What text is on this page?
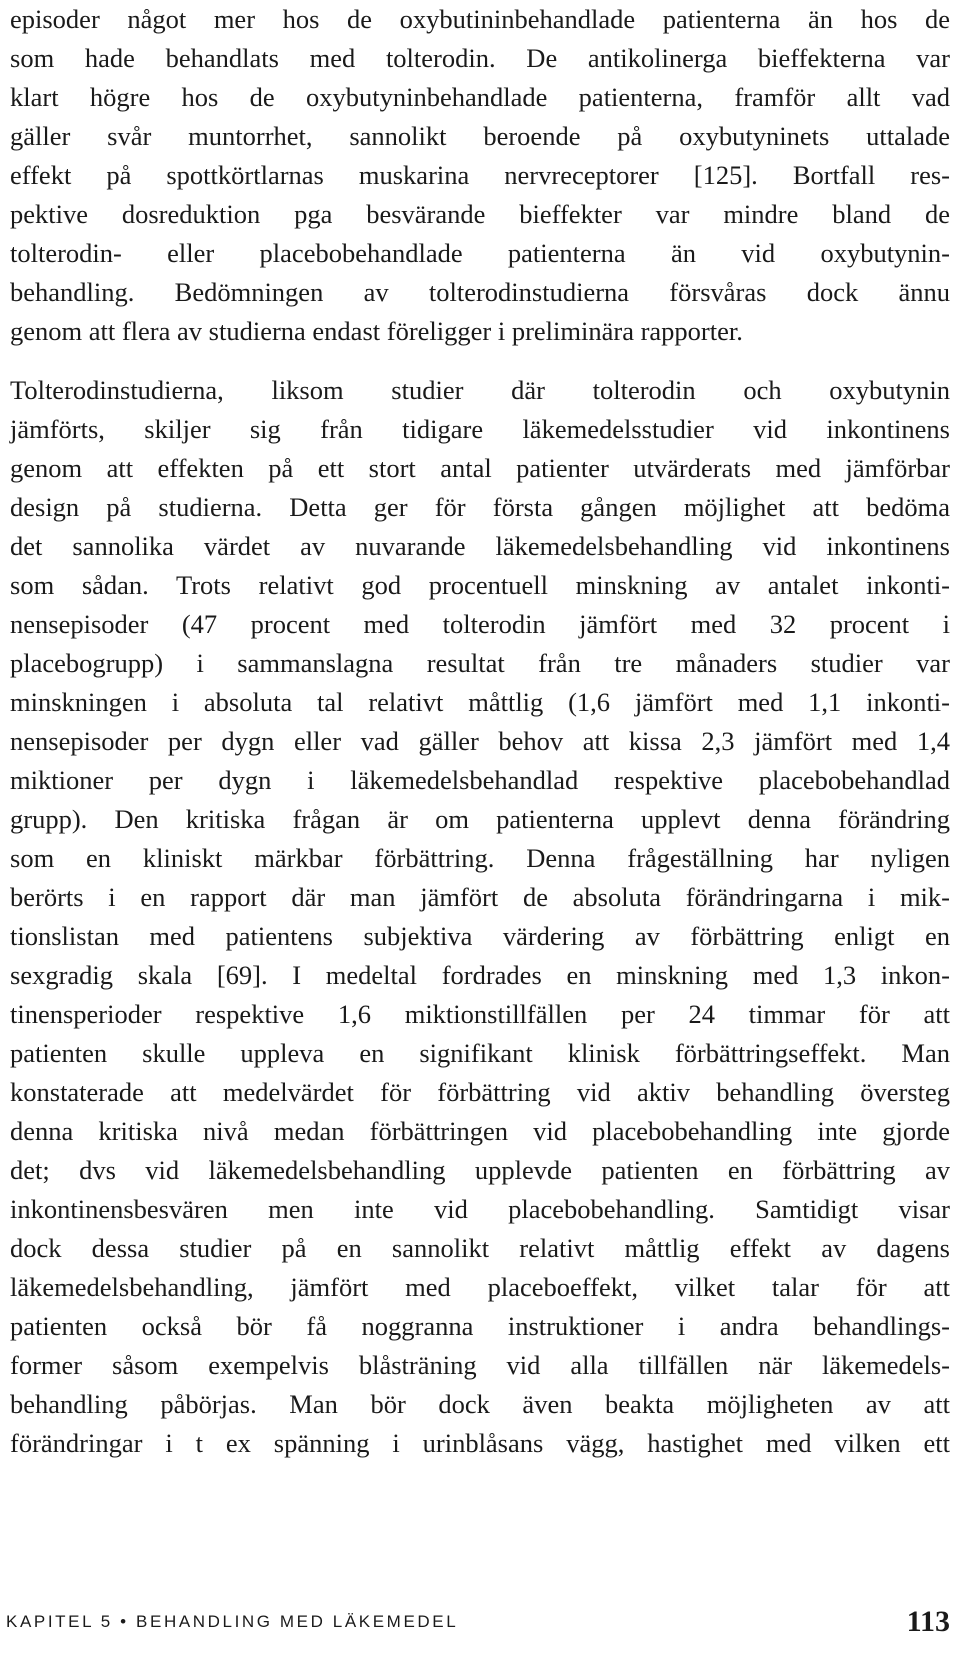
episoder något mer hos de oxybutininbehandlade patienterna än hos de
som hade behandlats med tolterodin. De antikolinerga bieffekterna var
klart högre hos de oxybutyninbehandlade patienterna, framför allt vad
gäller svår muntorrhet, sannolikt beroende på oxybutyninets uttalade
effekt på spottkörtlarnas muskarina nervreceptorer [125]. Bortfall res-
pektive dosreduktion pga besvärande bieffekter var mindre bland de
tolterodin- eller placebobehandlade patienterna än vid oxybutynin-
behandling. Bedömningen av tolterodinstudierna försvåras dock ännu
genom att flera av studierna endast föreligger i preliminära rapporter.
Tolterodinstudierna, liksom studier där tolterodin och oxybutynin
jämförts, skiljer sig från tidigare läkemedelsstudier vid inkontinens
genom att effekten på ett stort antal patienter utvärderats med jämförbar
design på studierna. Detta ger för första gången möjlighet att bedöma
det sannolika värdet av nuvarande läkemedelsbehandling vid inkontinens
som sådan. Trots relativt god procentuell minskning av antalet inkonti-
nensepisoder (47 procent med tolterodin jämfört med 32 procent i
placebogrupp) i sammanslagna resultat från tre månaders studier var
minskningen i absoluta tal relativt måttlig (1,6 jämfört med 1,1 inkonti-
nensepisoder per dygn eller vad gäller behov att kissa 2,3 jämfört med 1,4
miktioner per dygn i läkemedelsbehandlad respektive placebobehandlad
grupp). Den kritiska frågan är om patienterna upplevt denna förändring
som en kliniskt märkbar förbättring. Denna frågeställning har nyligen
berörts i en rapport där man jämfört de absoluta förändringarna i mik-
tionslistan med patientens subjektiva värdering av förbättring enligt en
sexgradig skala [69]. I medeltal fordrades en minskning med 1,3 inkon-
tinensperioder respektive 1,6 miktionstillfällen per 24 timmar för att
patienten skulle uppleva en signifikant klinisk förbättringseffekt. Man
konstaterade att medelvärdet för förbättring vid aktiv behandling översteg
denna kritiska nivå medan förbättringen vid placebobehandling inte gjorde
det; dvs vid läkemedelsbehandling upplevde patienten en förbättring av
inkontinensbesvären men inte vid placebobehandling. Samtidigt visar
dock dessa studier på en sannolikt relativt måttlig effekt av dagens
läkemedelsbehandling, jämfört med placeboeffekt, vilket talar för att
patienten också bör få noggranna instruktioner i andra behandlings-
former såsom exempelvis blåsträning vid alla tillfällen när läkemedels-
behandling påbörjas. Man bör dock även beakta möjligheten av att
förändringar i t ex spänning i urinblåsans vägg, hastighet med vilken ett
KAPITEL 5 • BEHANDLING MED LÄKEMEDEL	113
